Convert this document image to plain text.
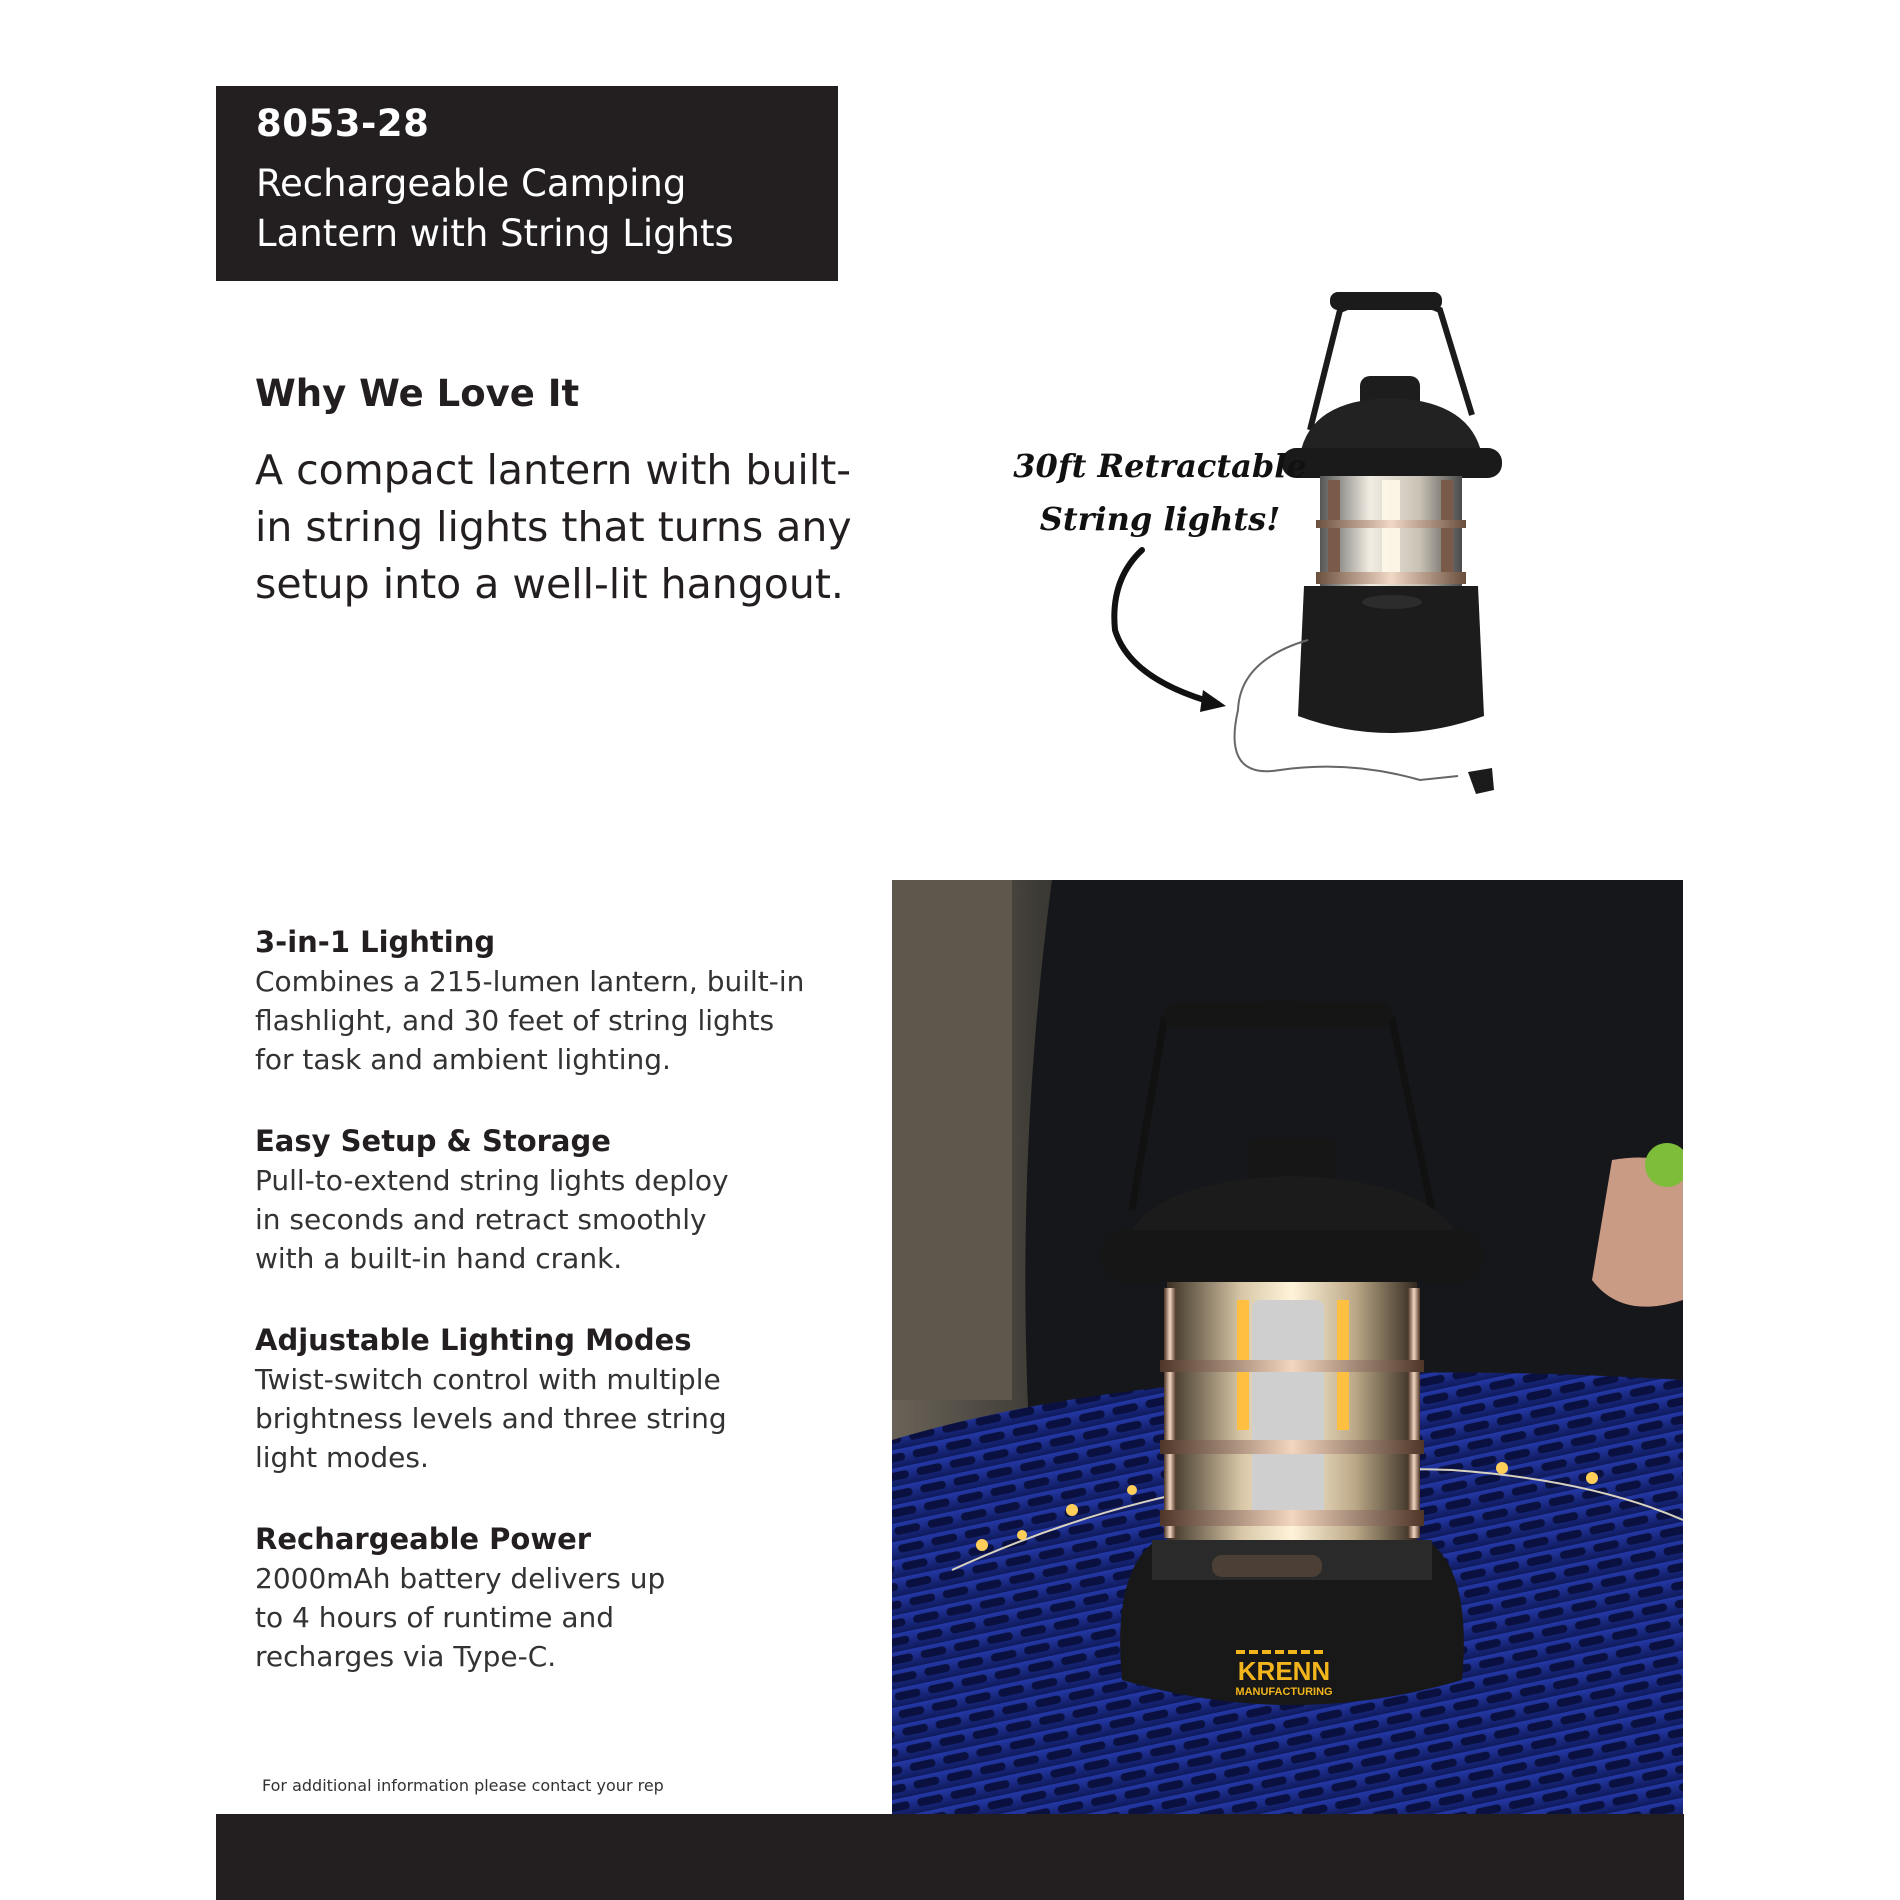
8053-28
Rechargeable Camping
Lantern with String Lights
Why We Love It

A compact lantern with built-
in string lights that turns any
setup into a well-lit hangout.

30ft Retractable
String lights!

3-in-1 Lighting

Combines a 215-lumen lantern, built-in
flashlight, and 30 feet of string lights
for task and ambient lighting.

Easy Setup & Storage

Pull-to-extend string lights deploy
in seconds and retract smoothly
with a built-in hand crank.

Adjustable Lighting Modes

Twist-switch control with multiple
brightness levels and three string
light modes.

Rechargeable Power

2000mAh battery delivers up
to 4 hours of runtime and
recharges via Type-C.

For additional information please contact your rep
KRENN
MANUFACTURING
